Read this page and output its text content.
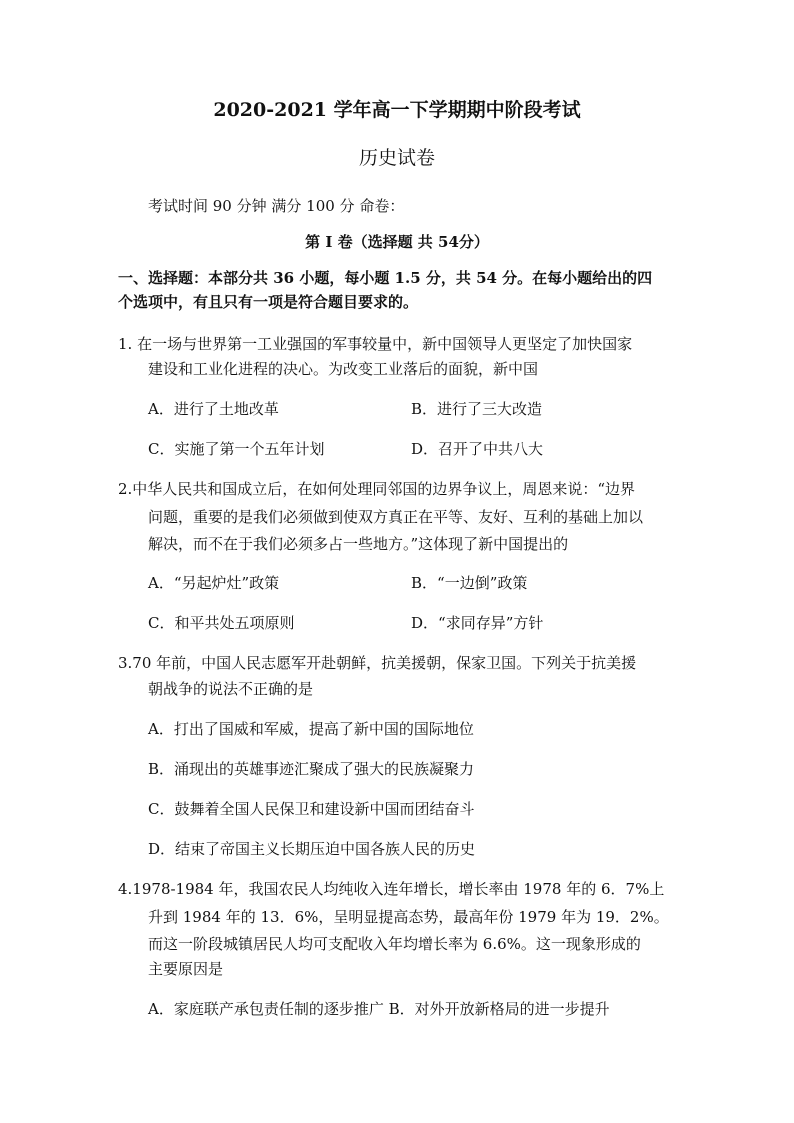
2020-2021 学年高一下学期期中阶段考试
历史试卷
考试时间 90 分钟 满分 100 分 命卷：
第 I 卷（选择题 共 54分）
一、选择题：本部分共 36 小题，每小题 1.5 分，共 54 分。在每小题给出的四
个选项中，有且只有一项是符合题目要求的。
1. 在一场与世界第一工业强国的军事较量中，新中国领导人更坚定了加快国家
建设和工业化进程的决心。为改变工业落后的面貌，新中国
A．进行了土地改革	B．进行了三大改造
C．实施了第一个五年计划	D．召开了中共八大
2.中华人民共和国成立后，在如何处理同邻国的边界争议上，周恩来说：“边界
问题，重要的是我们必须做到使双方真正在平等、友好、互利的基础上加以
解决，而不在于我们必须多占一些地方。”这体现了新中国提出的
A．“另起炉灶”政策	B．“一边倒”政策
C．和平共处五项原则	D．“求同存异”方针
3.70 年前，中国人民志愿军开赴朝鲜，抗美援朝，保家卫国。下列关于抗美援
朝战争的说法不正确的是
A．打出了国威和军威，提高了新中国的国际地位
B．涌现出的英雄事迹汇聚成了强大的民族凝聚力
C．鼓舞着全国人民保卫和建设新中国而团结奋斗
D．结束了帝国主义长期压迫中国各族人民的历史
4.1978-1984 年，我国农民人均纯收入连年增长，增长率由 1978 年的 6．7%上
升到 1984 年的 13．6%，呈明显提高态势，最高年份 1979 年为 19．2%。
而这一阶段城镇居民人均可支配收入年均增长率为 6.6%。这一现象形成的
主要原因是
A．家庭联产承包责任制的逐步推广 B．对外开放新格局的进一步提升
